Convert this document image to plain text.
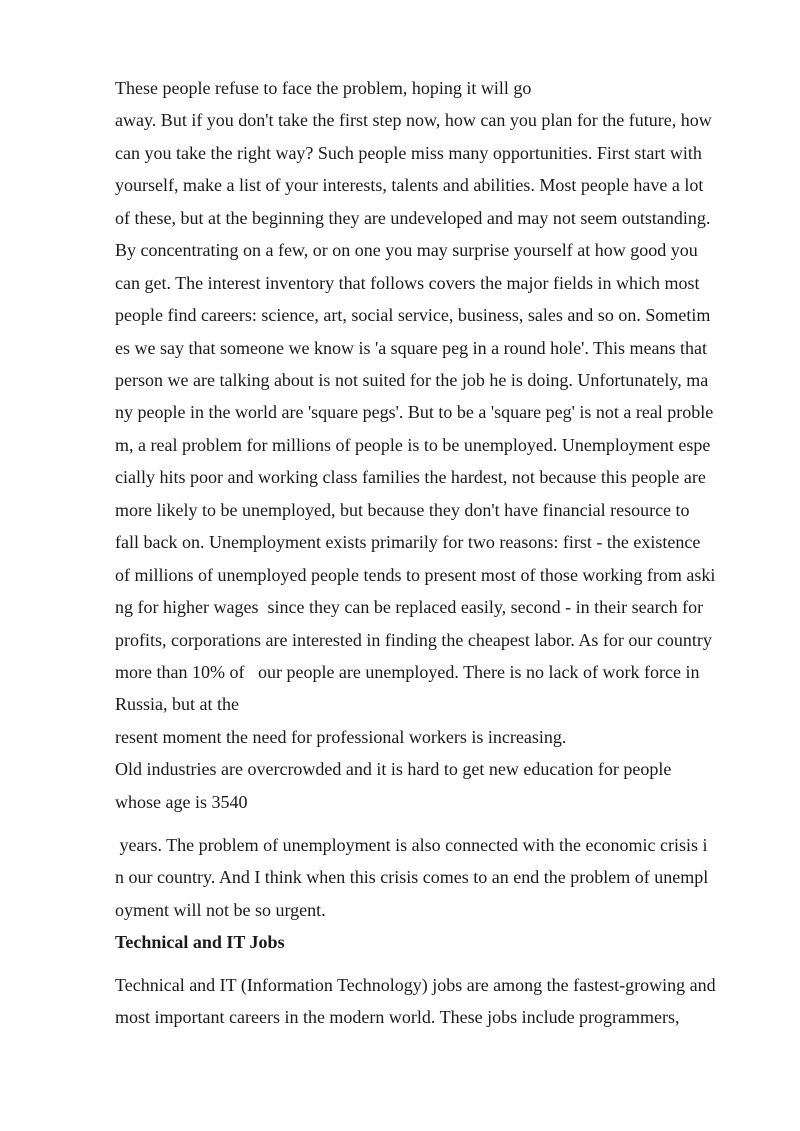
These people refuse to face the problem, hoping it will go
away. But if you don't take the first step now, how can you plan for the future, how
can you take the right way? Such people miss many opportunities. First start with
yourself, make a list of your interests, talents and abilities. Most people have a lot
of these, but at the beginning they are undeveloped and may not seem outstanding.
By concentrating on a few, or on one you may surprise yourself at how good you
can get. The interest inventory that follows covers the major fields in which most
people find careers: science, art, social service, business, sales and so on. Sometim
es we say that someone we know is 'a square peg in a round hole'. This means that
person we are talking about is not suited for the job he is doing. Unfortunately, ma
ny people in the world are 'square pegs'. But to be a 'square peg' is not a real proble
m, a real problem for millions of people is to be unemployed. Unemployment espe
cially hits poor and working class families the hardest, not because this people are
more likely to be unemployed, but because they don't have financial resource to
fall back on. Unemployment exists primarily for two reasons: first - the existence
of millions of unemployed people tends to present most of those working from aski
ng for higher wages  since they can be replaced easily, second - in their search for
profits, corporations are interested in finding the cheapest labor. As for our country
more than 10% of   our people are unemployed. There is no lack of work force in
Russia, but at the
resent moment the need for professional workers is increasing.
Old industries are overcrowded and it is hard to get new education for people
whose age is 3540
years. The problem of unemployment is also connected with the economic crisis i
n our country. And I think when this crisis comes to an end the problem of unempl
oyment will not be so urgent.
Technical and IT Jobs
Technical and IT (Information Technology) jobs are among the fastest-growing and
most important careers in the modern world. These jobs include programmers,
